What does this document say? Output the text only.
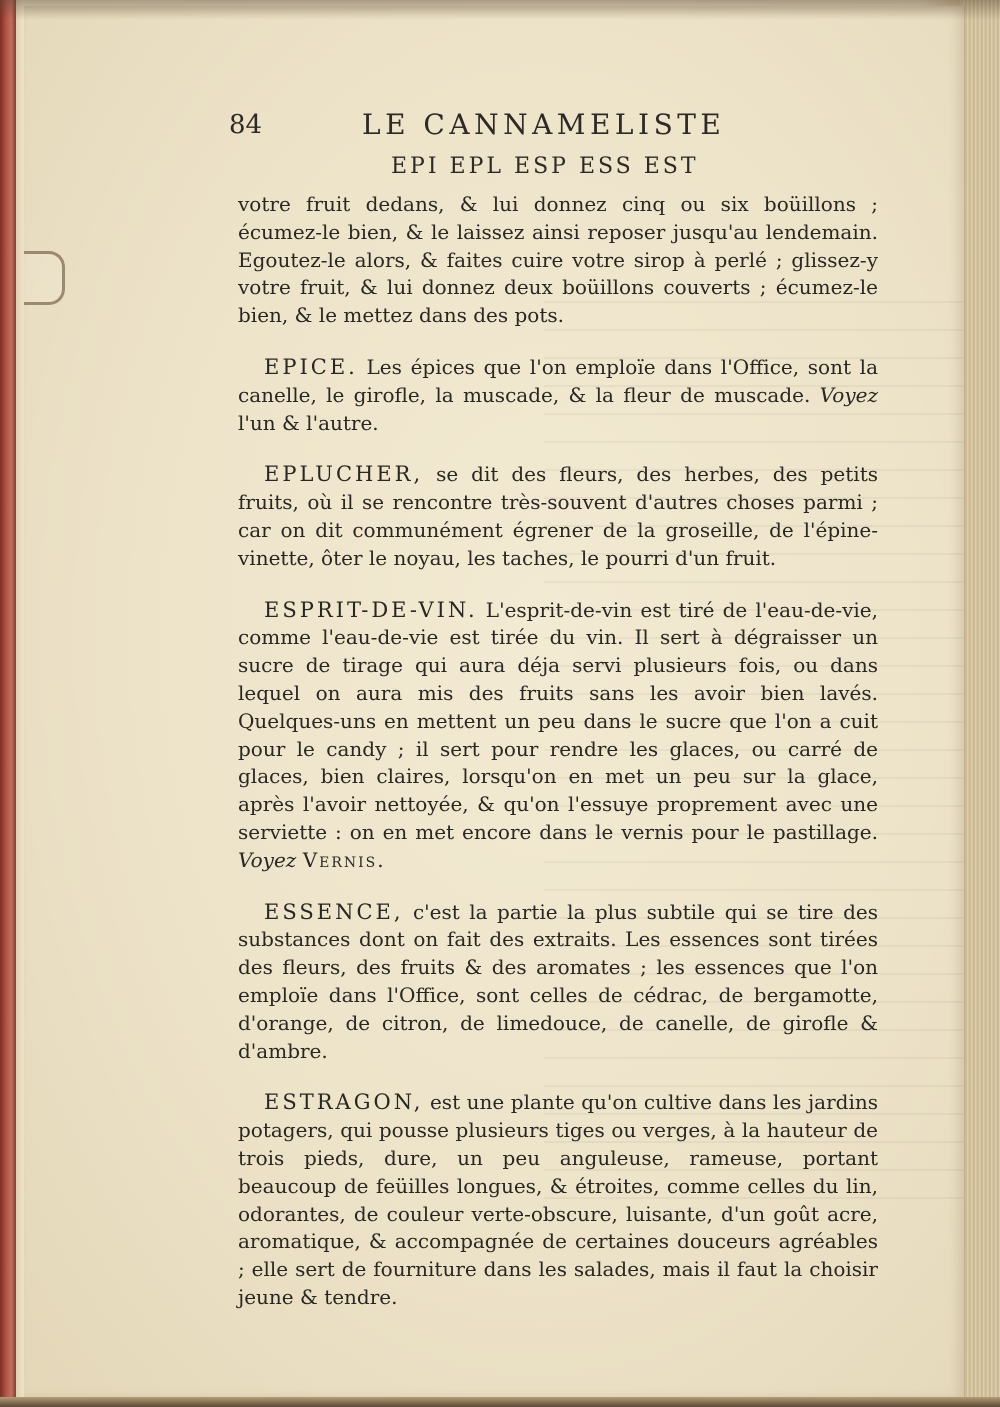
84	LE CANNAMELISTE
EPI EPL ESP ESS EST

votre fruit dedans, & lui donnez cinq ou six boüillons ; écumez-le bien, & le laissez ainsi reposer jusqu'au lendemain. Egoutez-le alors, & faites cuire votre sirop à perlé ; glissez-y votre fruit, & lui donnez deux boüillons couverts ; écumez-le bien, & le mettez dans des pots.

EPICE. Les épices que l'on emploïe dans l'Office, sont la canelle, le girofle, la muscade, & la fleur de muscade. Voyez l'un & l'autre.

EPLUCHER, se dit des fleurs, des herbes, des petits fruits, où il se rencontre très-souvent d'autres choses parmi ; car on dit communément égrener de la groseille, de l'épine-vinette, ôter le noyau, les taches, le pourri d'un fruit.

ESPRIT-DE-VIN. L'esprit-de-vin est tiré de l'eau-de-vie, comme l'eau-de-vie est tirée du vin. Il sert à dégraisser un sucre de tirage qui aura déja servi plusieurs fois, ou dans lequel on aura mis des fruits sans les avoir bien lavés. Quelques-uns en mettent un peu dans le sucre que l'on a cuit pour le candy ; il sert pour rendre les glaces, ou carré de glaces, bien claires, lorsqu'on en met un peu sur la glace, après l'avoir nettoyée, & qu'on l'essuye proprement avec une serviette : on en met encore dans le vernis pour le pastillage. Voyez Vernis.

ESSENCE, c'est la partie la plus subtile qui se tire des substances dont on fait des extraits. Les essences sont tirées des fleurs, des fruits & des aromates ; les essences que l'on emploïe dans l'Office, sont celles de cédrac, de bergamotte, d'orange, de citron, de limedouce, de canelle, de girofle & d'ambre.

ESTRAGON, est une plante qu'on cultive dans les jardins potagers, qui pousse plusieurs tiges ou verges, à la hauteur de trois pieds, dure, un peu anguleuse, rameuse, portant beaucoup de feüilles longues, & étroites, comme celles du lin, odorantes, de couleur verte-obscure, luisante, d'un goût acre, aromatique, & accompagnée de certaines douceurs agréables ; elle sert de fourniture dans les salades, mais il faut la choisir jeune & tendre.
